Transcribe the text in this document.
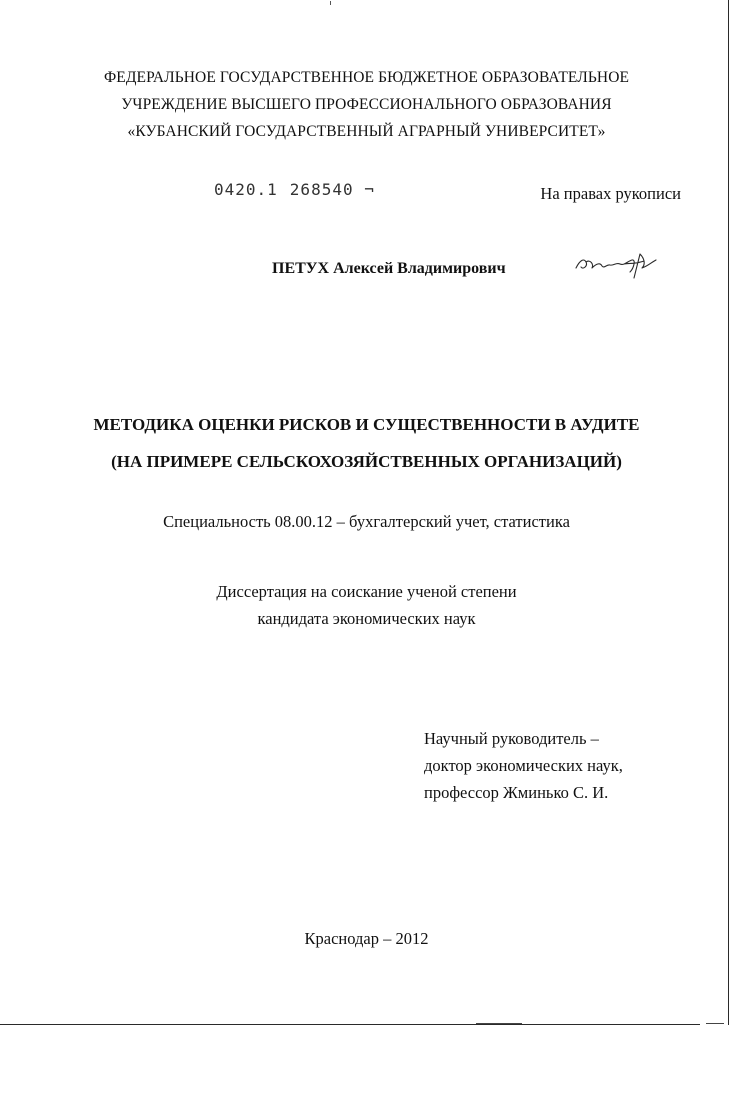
ФЕДЕРАЛЬНОЕ ГОСУДАРСТВЕННОЕ БЮДЖЕТНОЕ ОБРАЗОВАТЕЛЬНОЕ
УЧРЕЖДЕНИЕ ВЫСШЕГО ПРОФЕССИОНАЛЬНОГО ОБРАЗОВАНИЯ
«КУБАНСКИЙ ГОСУДАРСТВЕННЫЙ АГРАРНЫЙ УНИВЕРСИТЕТ»
0420.1 268540 ¬	На правах рукописи
ПЕТУХ Алексей Владимирович
МЕТОДИКА ОЦЕНКИ РИСКОВ И СУЩЕСТВЕННОСТИ В АУДИТЕ
(НА ПРИМЕРЕ СЕЛЬСКОХОЗЯЙСТВЕННЫХ ОРГАНИЗАЦИЙ)
Специальность 08.00.12 – бухгалтерский учет, статистика
Диссертация на соискание ученой степени
кандидата экономических наук
Научный руководитель –
доктор экономических наук,
профессор Жминько С. И.
Краснодар – 2012
